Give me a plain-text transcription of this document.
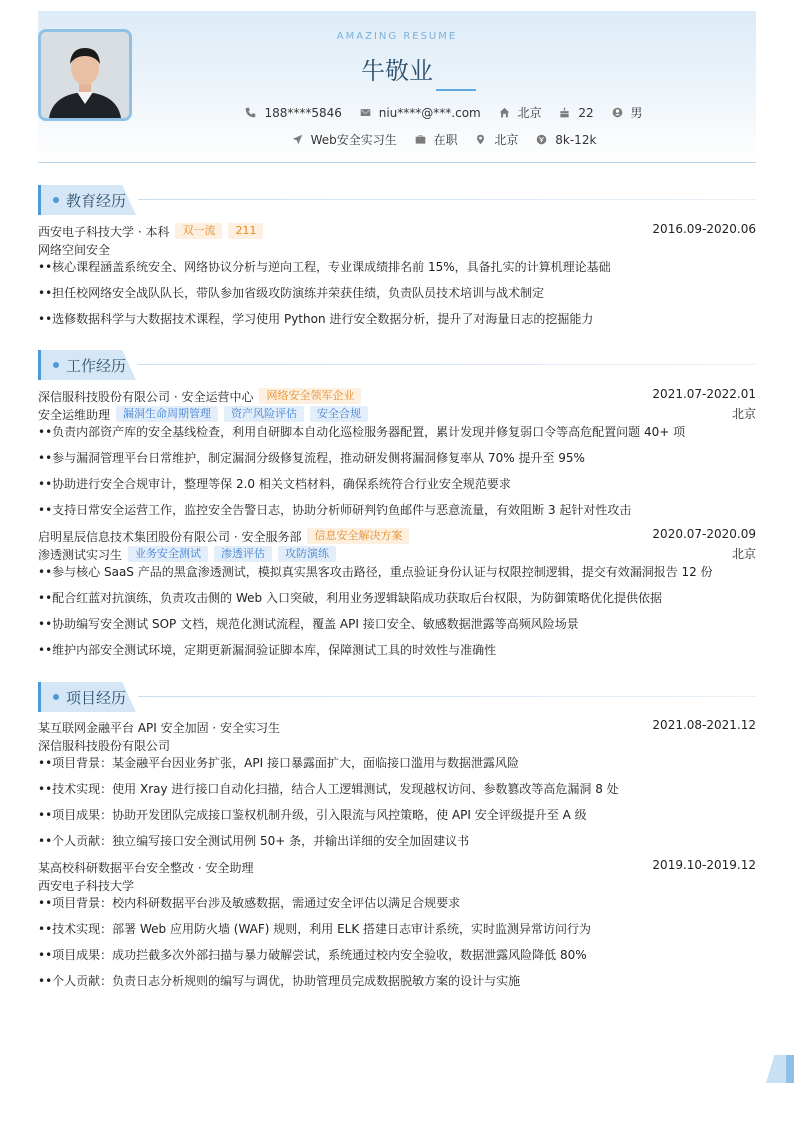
AMAZING RESUME
牛敬业
188****5846
	niu****@***.com
	北京
	22
	男
Web安全实习生
	在职
	北京
	8k-12k
教育经历
西安电子科技大学 · 本科	双一流	211	2016.09-2020.06
网络空间安全
•• 核心课程涵盖系统安全、网络协议分析与逆向工程，专业课成绩排名前 15%，具备扎实的计算机理论基础
•• 担任校网络安全战队队长，带队参加省级攻防演练并荣获佳绩，负责队员技术培训与战术制定
•• 选修数据科学与大数据技术课程，学习使用 Python 进行安全数据分析，提升了对海量日志的挖掘能力
工作经历
深信服科技股份有限公司 · 安全运营中心	网络安全领军企业	2021.07-2022.01
安全运维助理	漏洞生命周期管理	资产风险评估	安全合规	北京
•• 负责内部资产库的安全基线检查，利用自研脚本自动化巡检服务器配置，累计发现并修复弱口令等高危配置问题 40+ 项
•• 参与漏洞管理平台日常维护，制定漏洞分级修复流程，推动研发侧将漏洞修复率从 70% 提升至 95%
•• 协助进行安全合规审计，整理等保 2.0 相关文档材料，确保系统符合行业安全规范要求
•• 支持日常安全运营工作，监控安全告警日志，协助分析师研判钓鱼邮件与恶意流量，有效阻断 3 起针对性攻击
启明星辰信息技术集团股份有限公司 · 安全服务部	信息安全解决方案	2020.07-2020.09
渗透测试实习生	业务安全测试	渗透评估	攻防演练	北京
•• 参与核心 SaaS 产品的黑盒渗透测试，模拟真实黑客攻击路径，重点验证身份认证与权限控制逻辑，提交有效漏洞报告 12 份
•• 配合红蓝对抗演练，负责攻击侧的 Web 入口突破，利用业务逻辑缺陷成功获取后台权限，为防御策略优化提供依据
•• 协助编写安全测试 SOP 文档，规范化测试流程，覆盖 API 接口安全、敏感数据泄露等高频风险场景
•• 维护内部安全测试环境，定期更新漏洞验证脚本库，保障测试工具的时效性与准确性
项目经历
某互联网金融平台 API 安全加固 · 安全实习生	2021.08-2021.12
深信服科技股份有限公司
•• 项目背景：某金融平台因业务扩张，API 接口暴露面扩大，面临接口滥用与数据泄露风险
•• 技术实现：使用 Xray 进行接口自动化扫描，结合人工逻辑测试，发现越权访问、参数篡改等高危漏洞 8 处
•• 项目成果：协助开发团队完成接口鉴权机制升级，引入限流与风控策略，使 API 安全评级提升至 A 级
•• 个人贡献：独立编写接口安全测试用例 50+ 条，并输出详细的安全加固建议书
某高校科研数据平台安全整改 · 安全助理	2019.10-2019.12
西安电子科技大学
•• 项目背景：校内科研数据平台涉及敏感数据，需通过安全评估以满足合规要求
•• 技术实现：部署 Web 应用防火墙 (WAF) 规则，利用 ELK 搭建日志审计系统，实时监测异常访问行为
•• 项目成果：成功拦截多次外部扫描与暴力破解尝试，系统通过校内安全验收，数据泄露风险降低 80%
•• 个人贡献：负责日志分析规则的编写与调优，协助管理员完成数据脱敏方案的设计与实施
